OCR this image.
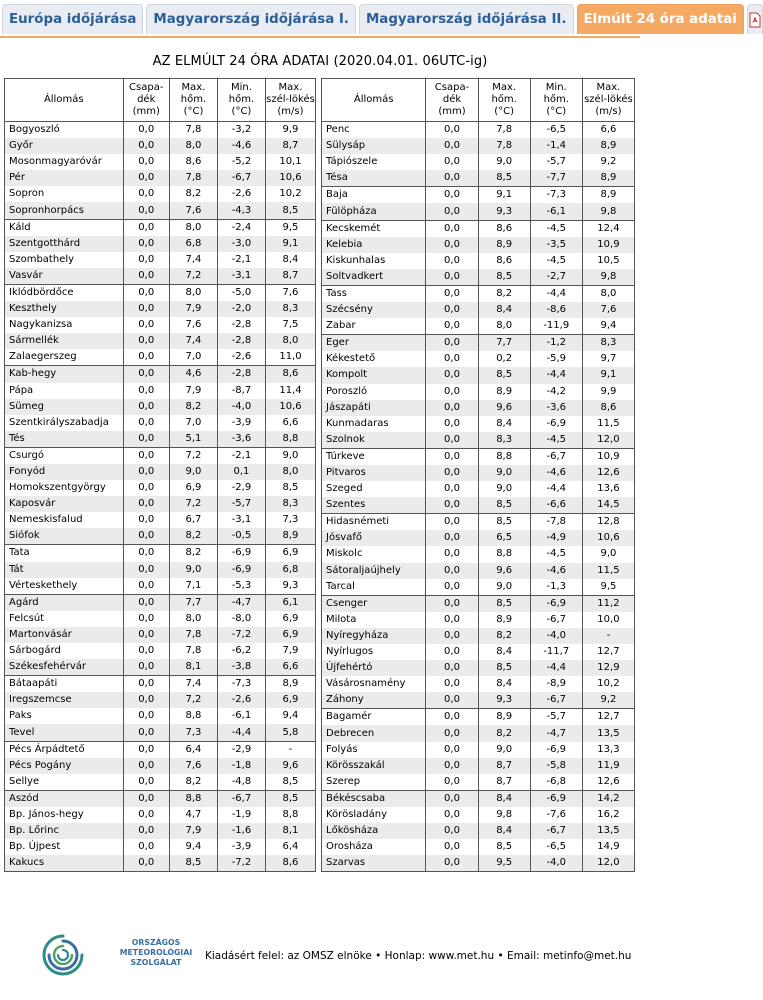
Európa időjárása	Magyarország időjárása I.	Magyarország időjárása II.	Elmúlt 24 óra adatai
AZ ELMÚLT 24 ÓRA ADATAI (2020.04.01. 06UTC-ig)
Állomás	Csapa-
dék
(mm)	Max.
hőm.
(°C)	Min.
hőm.
(°C)	Max.
szél-lökés
(m/s)
Bogyoszló	0,0	7,8	-3,2	9,9
Győr	0,0	8,0	-4,6	8,7
Mosonmagyaróvár	0,0	8,6	-5,2	10,1
Pér	0,0	7,8	-6,7	10,6
Sopron	0,0	8,2	-2,6	10,2
Sopronhorpács	0,0	7,6	-4,3	8,5
Káld	0,0	8,0	-2,4	9,5
Szentgotthárd	0,0	6,8	-3,0	9,1
Szombathely	0,0	7,4	-2,1	8,4
Vasvár	0,0	7,2	-3,1	8,7
Iklódbördőce	0,0	8,0	-5,0	7,6
Keszthely	0,0	7,9	-2,0	8,3
Nagykanizsa	0,0	7,6	-2,8	7,5
Sármellék	0,0	7,4	-2,8	8,0
Zalaegerszeg	0,0	7,0	-2,6	11,0
Kab-hegy	0,0	4,6	-2,8	8,6
Pápa	0,0	7,9	-8,7	11,4
Sümeg	0,0	8,2	-4,0	10,6
Szentkirályszabadja	0,0	7,0	-3,9	6,6
Tés	0,0	5,1	-3,6	8,8
Csurgó	0,0	7,2	-2,1	9,0
Fonyód	0,0	9,0	0,1	8,0
Homokszentgyörgy	0,0	6,9	-2,9	8,5
Kaposvár	0,0	7,2	-5,7	8,3
Nemeskisfalud	0,0	6,7	-3,1	7,3
Siófok	0,0	8,2	-0,5	8,9
Tata	0,0	8,2	-6,9	6,9
Tát	0,0	9,0	-6,9	6,8
Vérteskethely	0,0	7,1	-5,3	9,3
Agárd	0,0	7,7	-4,7	6,1
Felcsút	0,0	8,0	-8,0	6,9
Martonvásár	0,0	7,8	-7,2	6,9
Sárbogárd	0,0	7,8	-6,2	7,9
Székesfehérvár	0,0	8,1	-3,8	6,6
Bátaapáti	0,0	7,4	-7,3	8,9
Iregszemcse	0,0	7,2	-2,6	6,9
Paks	0,0	8,8	-6,1	9,4
Tevel	0,0	7,3	-4,4	5,8
Pécs Árpádtető	0,0	6,4	-2,9	-
Pécs Pogány	0,0	7,6	-1,8	9,6
Sellye	0,0	8,2	-4,8	8,5
Aszód	0,0	8,8	-6,7	8,5
Bp. János-hegy	0,0	4,7	-1,9	8,8
Bp. Lőrinc	0,0	7,9	-1,6	8,1
Bp. Újpest	0,0	9,4	-3,9	6,4
Kakucs	0,0	8,5	-7,2	8,6
Állomás	Csapa-
dék
(mm)	Max.
hőm.
(°C)	Min.
hőm.
(°C)	Max.
szél-lökés
(m/s)
Penc	0,0	7,8	-6,5	6,6
Sülysáp	0,0	7,8	-1,4	8,9
Tápiószele	0,0	9,0	-5,7	9,2
Tésa	0,0	8,5	-7,7	8,9
Baja	0,0	9,1	-7,3	8,9
Fülöpháza	0,0	9,3	-6,1	9,8
Kecskemét	0,0	8,6	-4,5	12,4
Kelebia	0,0	8,9	-3,5	10,9
Kiskunhalas	0,0	8,6	-4,5	10,5
Soltvadkert	0,0	8,5	-2,7	9,8
Tass	0,0	8,2	-4,4	8,0
Szécsény	0,0	8,4	-8,6	7,6
Zabar	0,0	8,0	-11,9	9,4
Eger	0,0	7,7	-1,2	8,3
Kékestető	0,0	0,2	-5,9	9,7
Kompolt	0,0	8,5	-4,4	9,1
Poroszló	0,0	8,9	-4,2	9,9
Jászapáti	0,0	9,6	-3,6	8,6
Kunmadaras	0,0	8,4	-6,9	11,5
Szolnok	0,0	8,3	-4,5	12,0
Túrkeve	0,0	8,8	-6,7	10,9
Pitvaros	0,0	9,0	-4,6	12,6
Szeged	0,0	9,0	-4,4	13,6
Szentes	0,0	8,5	-6,6	14,5
Hidasnémeti	0,0	8,5	-7,8	12,8
Jósvafő	0,0	6,5	-4,9	10,6
Miskolc	0,0	8,8	-4,5	9,0
Sátoraljaújhely	0,0	9,6	-4,6	11,5
Tarcal	0,0	9,0	-1,3	9,5
Csenger	0,0	8,5	-6,9	11,2
Milota	0,0	8,9	-6,7	10,0
Nyíregyháza	0,0	8,2	-4,0	-
Nyírlugos	0,0	8,4	-11,7	12,7
Újfehértó	0,0	8,5	-4,4	12,9
Vásárosnamény	0,0	8,4	-8,9	10,2
Záhony	0,0	9,3	-6,7	9,2
Bagamér	0,0	8,9	-5,7	12,7
Debrecen	0,0	8,2	-4,7	13,5
Folyás	0,0	9,0	-6,9	13,3
Körösszakál	0,0	8,7	-5,8	11,9
Szerep	0,0	8,7	-6,8	12,6
Békéscsaba	0,0	8,4	-6,9	14,2
Körösladány	0,0	9,8	-7,6	16,2
Lőkösháza	0,0	8,4	-6,7	13,5
Orosháza	0,0	8,5	-6,5	14,9
Szarvas	0,0	9,5	-4,0	12,0
ORSZÁGOS
METEOROLÓGIAI
SZOLGÁLAT
Kiadásért felel: az OMSZ elnöke • Honlap: www.met.hu • Email: metinfo@met.hu
